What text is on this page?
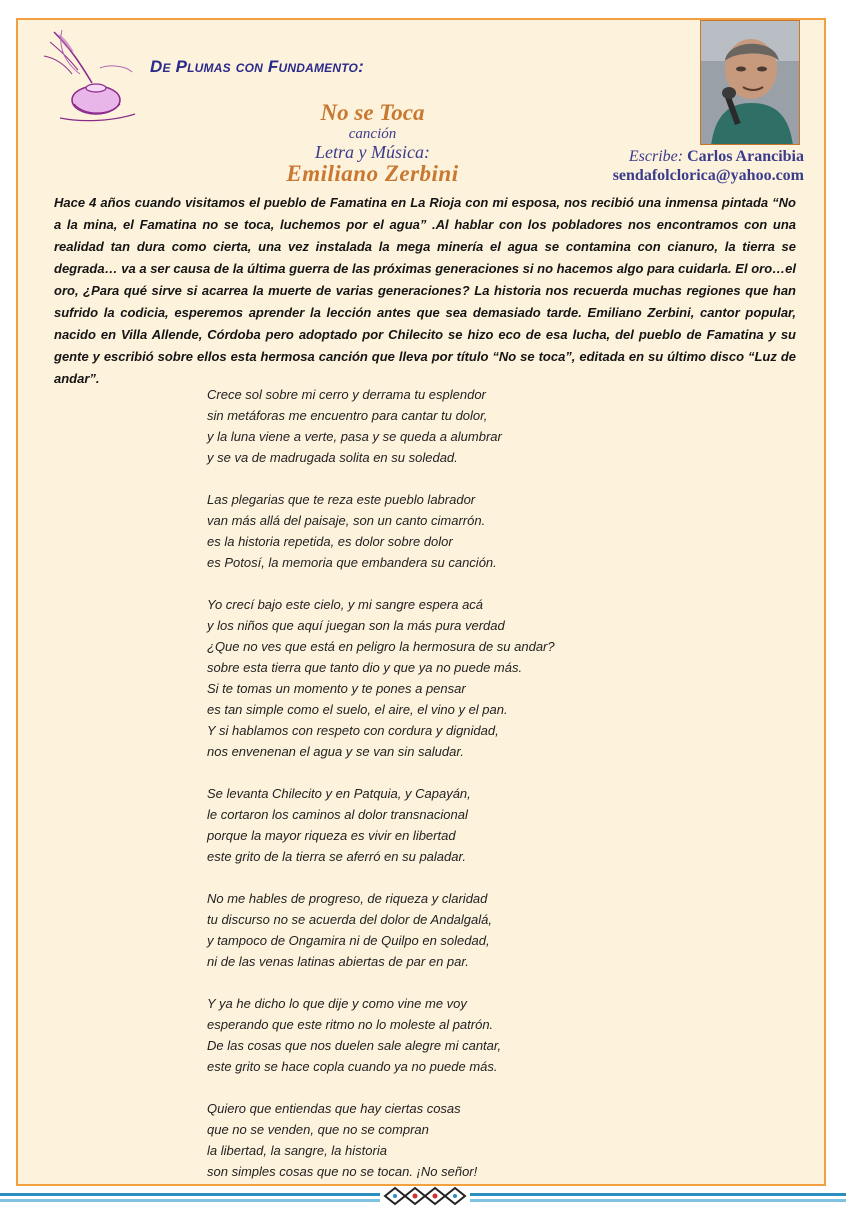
De Plumas con Fundamento:
No se Toca
canción
Letra y Música:
Emiliano Zerbini
Escribe: Carlos Arancibia
sendafolclorica@yahoo.com

Hace 4 años cuando visitamos el pueblo de Famatina en La Rioja con mi esposa, nos recibió una inmensa pintada “No a la mina, el Famatina no se toca, luchemos por el agua” .Al hablar con los pobladores nos encontramos con una realidad tan dura como cierta, una vez instalada la mega minería el agua se contamina con cianuro, la tierra se degrada… va a ser causa de la última guerra de las próximas generaciones si no hacemos algo para cuidarla. El oro…el oro, ¿Para qué sirve si acarrea la muerte de varias generaciones? La historia nos recuerda muchas regiones que han sufrido la codicia, esperemos aprender la lección antes que sea demasiado tarde. Emiliano Zerbini, cantor popular, nacido en Villa Allende, Córdoba pero adoptado por Chilecito se hizo eco de esa lucha, del pueblo de Famatina y su gente y escribió sobre ellos esta hermosa canción que lleva por título “No se toca”, editada en su último disco “Luz de andar”.

Crece sol sobre mi cerro y derrama tu esplendor
sin metáforas me encuentro para cantar tu dolor,
y la luna viene a verte, pasa y se queda a alumbrar
y se va de madrugada solita en su soledad.
Las plegarias que te reza este pueblo labrador
van más allá del paisaje, son un canto cimarrón.
es la historia repetida, es dolor sobre dolor
es Potosí, la memoria que embandera su canción.
Yo crecí bajo este cielo, y mi sangre espera acá
y los niños que aquí juegan son la más pura verdad
¿Que no ves que está en peligro la hermosura de su andar?
sobre esta tierra que tanto dio y que ya no puede más.
Si te tomas un momento y te pones a pensar
es tan simple como el suelo, el aire, el vino y el pan.
Y si hablamos con respeto con cordura y dignidad,
nos envenenan el agua y se van sin saludar.
Se levanta Chilecito y en Patquia, y Capayán,
le cortaron los caminos al dolor transnacional
porque la mayor riqueza es vivir en libertad
este grito de la tierra se aferró en su paladar.
No me hables de progreso, de riqueza y claridad
tu discurso no se acuerda del dolor de Andalgalá,
y tampoco de Ongamira ni de Quilpo en soledad,
ni de las venas latinas abiertas de par en par.
Y ya he dicho lo que dije y como vine me voy
esperando que este ritmo no lo moleste al patrón.
De las cosas que nos duelen sale alegre mi cantar,
este grito se hace copla cuando ya no puede más.
Quiero que entiendas que hay ciertas cosas
que no se venden, que no se compran
la libertad, la sangre, la historia
son simples cosas que no se tocan. ¡No señor!
